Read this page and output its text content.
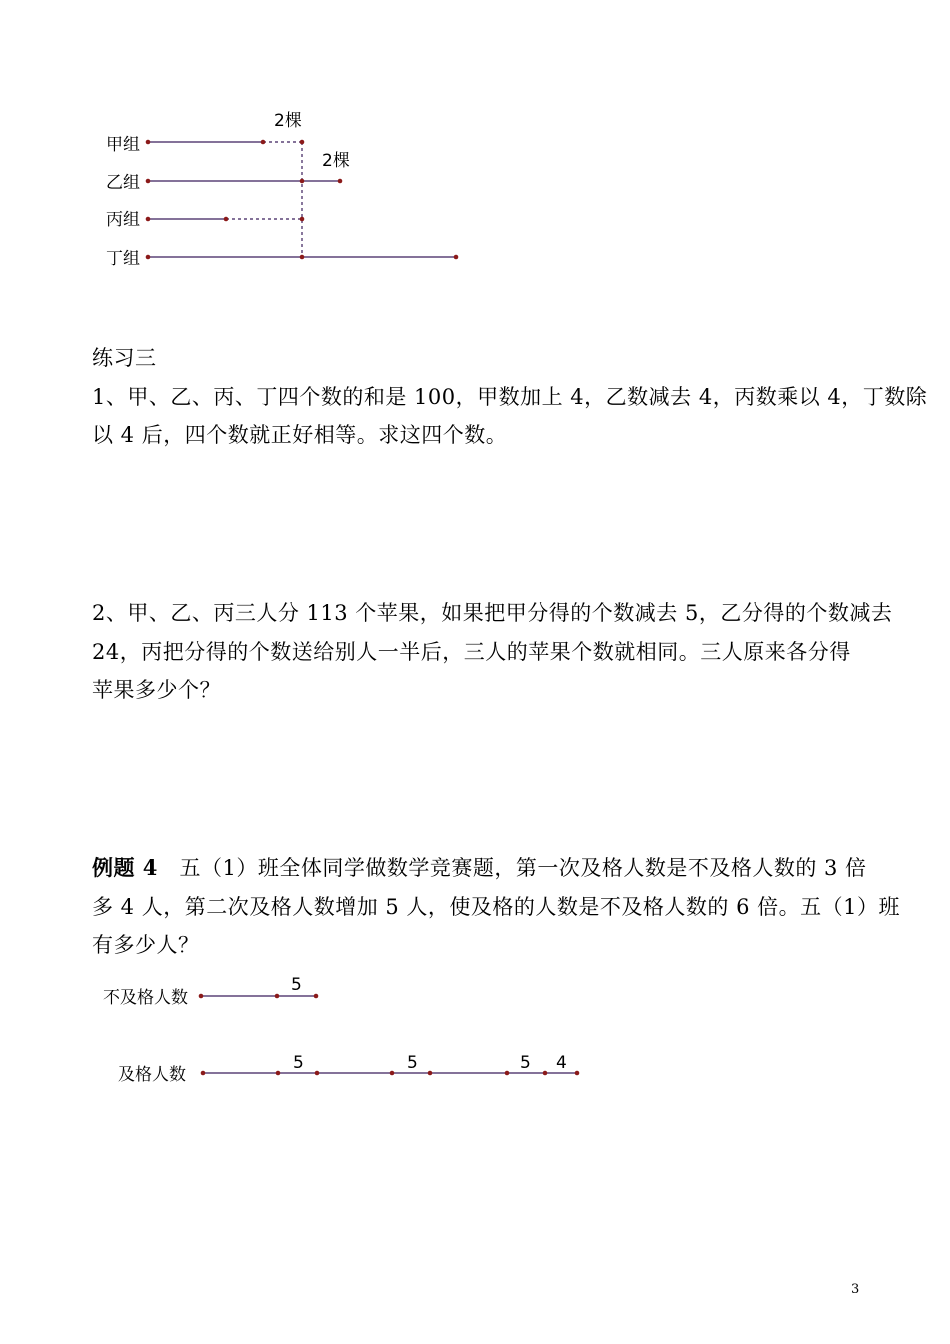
甲组
乙组
丙组
丁组
2棵
2棵
练习三
1、甲、乙、丙、丁四个数的和是 100，甲数加上 4，乙数减去 4，丙数乘以 4，丁数除
以 4 后，四个数就正好相等。求这四个数。
2、甲、乙、丙三人分 113 个苹果，如果把甲分得的个数减去 5，乙分得的个数减去
24，丙把分得的个数送给别人一半后，三人的苹果个数就相同。三人原来各分得
苹果多少个？
例题 4 五（1）班全体同学做数学竞赛题，第一次及格人数是不及格人数的 3 倍
多 4 人，第二次及格人数增加 5 人，使及格的人数是不及格人数的 6 倍。五（1）班
有多少人？
不及格人数
及格人数
5
5	5	5 4
3
